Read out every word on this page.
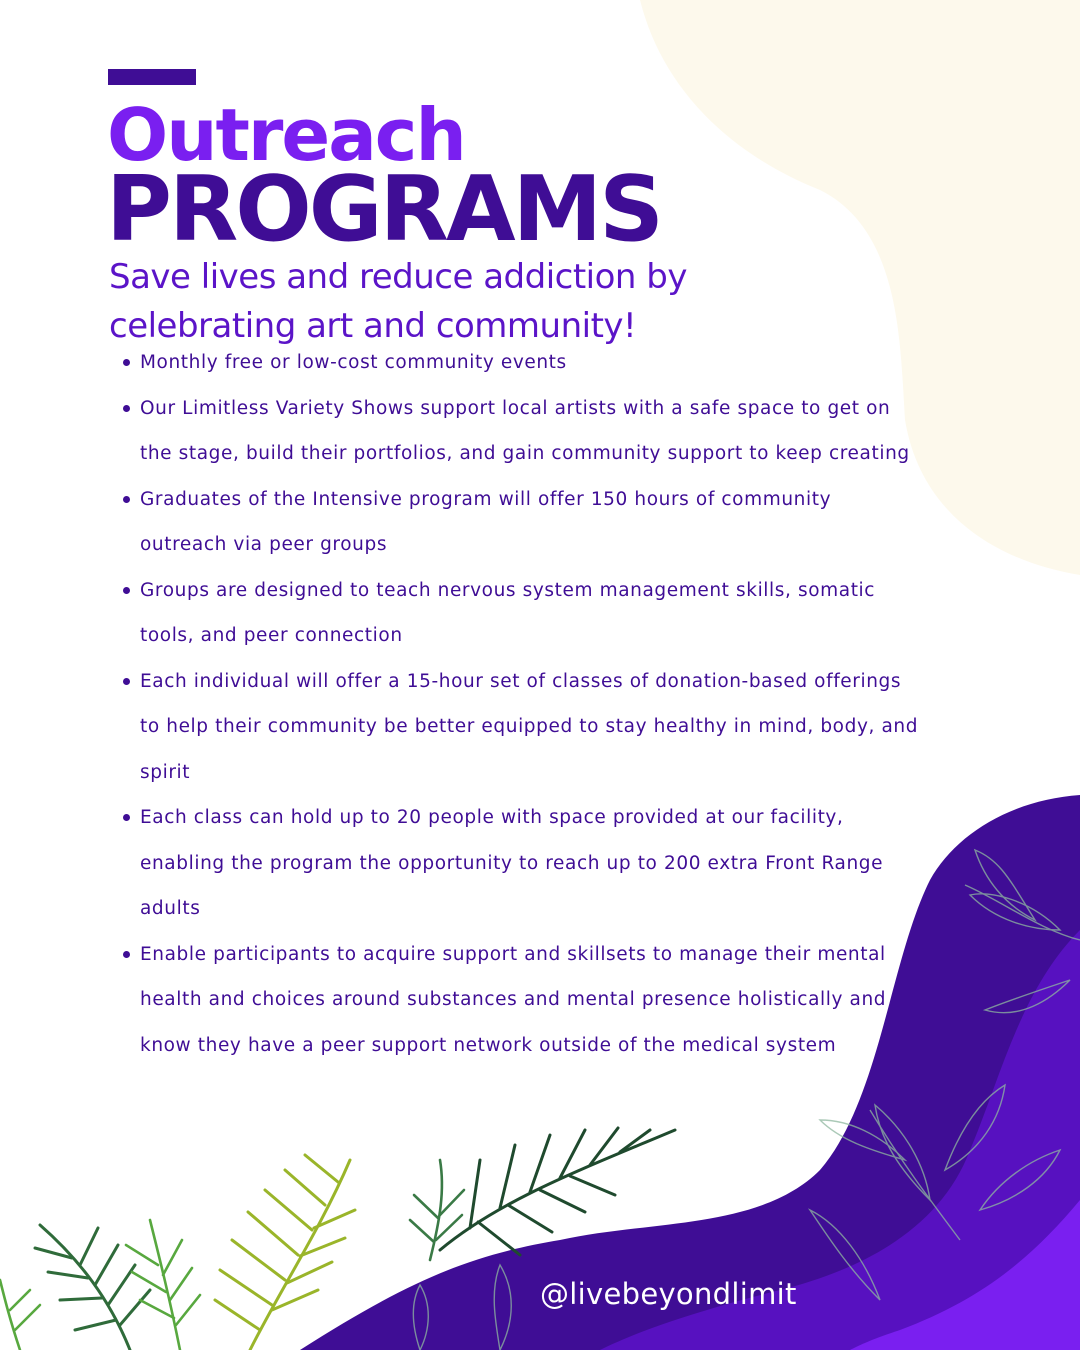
Outreach
PROGRAMS

Save lives and reduce addiction by celebrating art and community!

Monthly free or low-cost community events
Our Limitless Variety Shows support local artists with a safe space to get on the stage, build their portfolios, and gain community support to keep creating
Graduates of the Intensive program will offer 150 hours of community outreach via peer groups
Groups are designed to teach nervous system management skills, somatic tools, and peer connection
Each individual will offer a 15-hour set of classes of donation-based offerings to help their community be better equipped to stay healthy in mind, body, and spirit
Each class can hold up to 20 people with space provided at our facility, enabling the program the opportunity to reach up to 200 extra Front Range adults
Enable participants to acquire support and skillsets to manage their mental health and choices around substances and mental presence holistically and know they have a peer support network outside of the medical system

@livebeyondlimit
